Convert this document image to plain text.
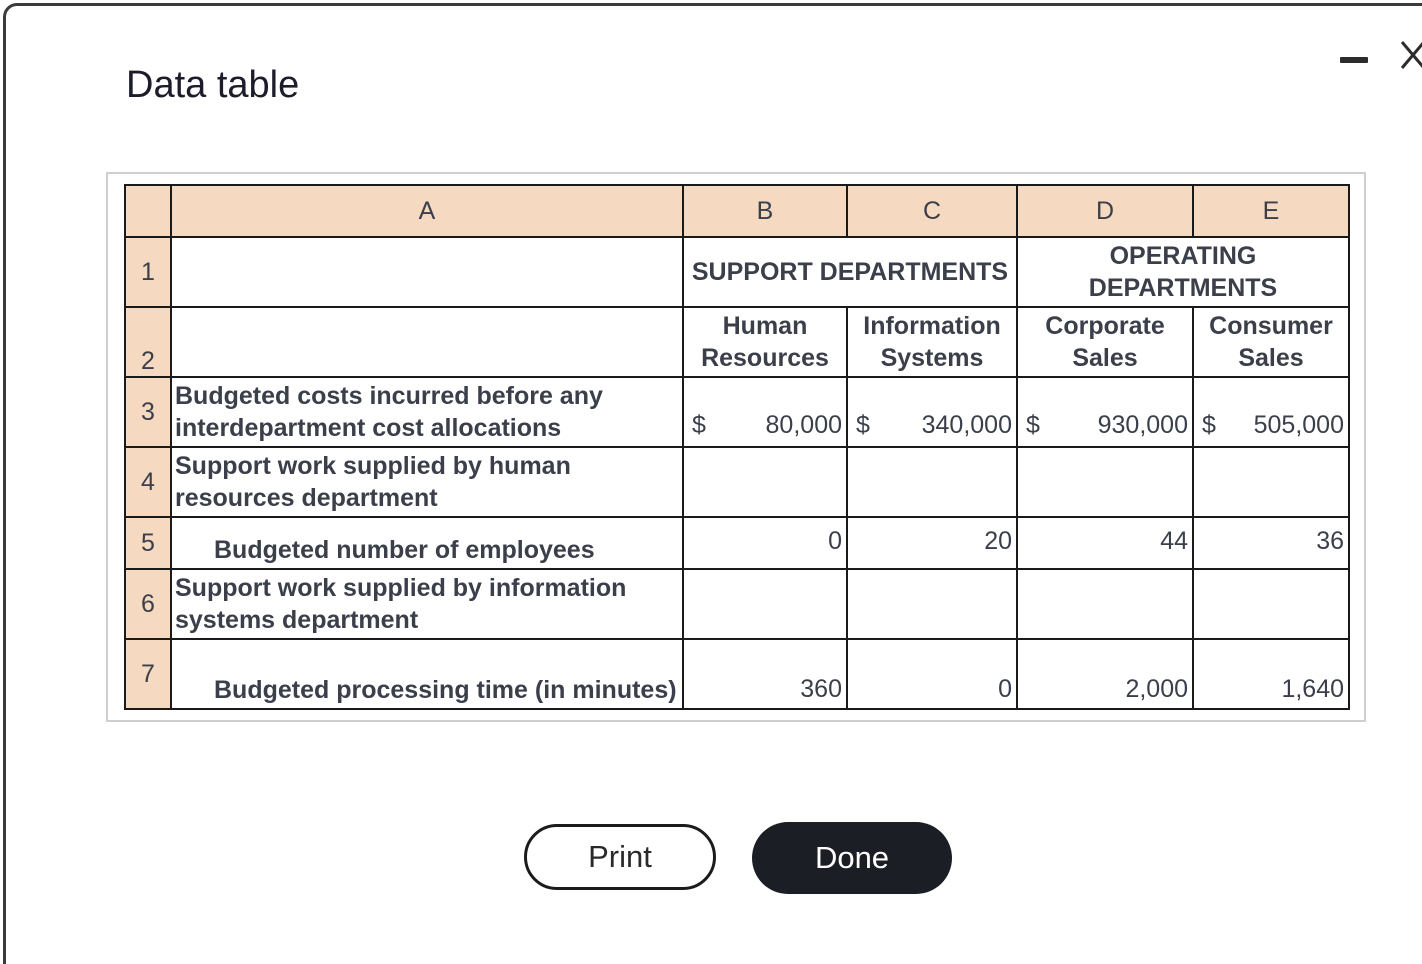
Data table
	A	B	C	D	E
1		SUPPORT DEPARTMENTS		OPERATING DEPARTMENTS	
2		Human Resources	Information Systems	Corporate Sales	Consumer Sales
3	Budgeted costs incurred before any interdepartment cost allocations	$ 80,000	$ 340,000	$ 930,000	$ 505,000

4	Support work supplied by human resources department				
5	Budgeted number of employees	0	20	44	36
6	Support work supplied by information systems department				
7	Budgeted processing time (in minutes)	360	0	2,000	1,640
Print	Done
